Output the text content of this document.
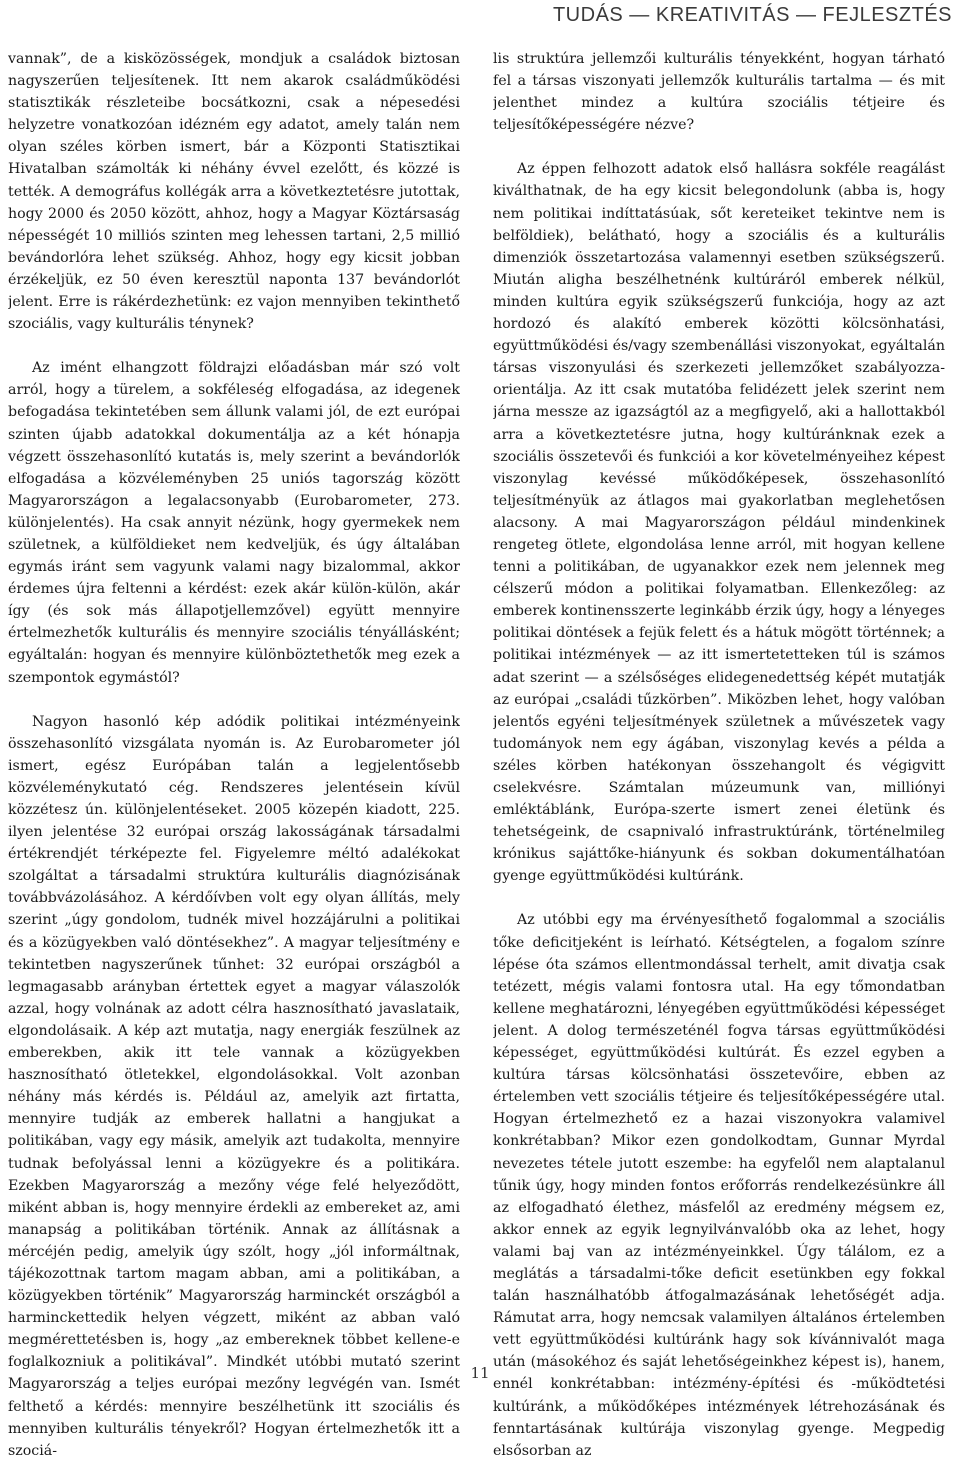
TUDÁS — KREATIVITÁS — FEJLESZTÉS

vannak”, de a kisközösségek, mondjuk a családok biztosan nagyszerűen teljesítenek. Itt nem akarok családműködési statisztikák részleteibe bocsátkozni, csak a népesedési helyzetre vonatkozóan idézném egy adatot, amely talán nem olyan széles körben ismert, bár a Központi Statisztikai Hivatalban számolták ki néhány évvel ezelőtt, és közzé is tették. A demográfus kollégák arra a következtetésre jutottak, hogy 2000 és 2050 között, ahhoz, hogy a Magyar Köztársaság népességét 10 milliós szinten meg lehessen tartani, 2,5 millió bevándorlóra lehet szükség. Ahhoz, hogy egy kicsit jobban érzékeljük, ez 50 éven keresztül naponta 137 bevándorlót jelent. Erre is rákérdezhetünk: ez vajon mennyiben tekinthető szociális, vagy kulturális ténynek?

Az imént elhangzott földrajzi előadásban már szó volt arról, hogy a türelem, a sokféleség elfogadása, az idegenek befogadása tekintetében sem állunk valami jól, de ezt európai szinten újabb adatokkal dokumentálja az a két hónapja végzett összehasonlító kutatás is, mely szerint a bevándorlók elfogadása a közvéleményben 25 uniós tagország között Magyarországon a legalacsonyabb (Eurobarometer, 273. különjelentés). Ha csak annyit nézünk, hogy gyermekek nem születnek, a külföldieket nem kedveljük, és úgy általában egymás iránt sem vagyunk valami nagy bizalommal, akkor érdemes újra feltenni a kérdést: ezek akár külön-külön, akár így (és sok más állapotjellemzővel) együtt mennyire értelmezhetők kulturális és mennyire szociális tényállásként; egyáltalán: hogyan és mennyire különböztethetők meg ezek a szempontok egymástól?

Nagyon hasonló kép adódik politikai intézményeink összehasonlító vizsgálata nyomán is. Az Eurobarometer jól ismert, egész Európában talán a legjelentősebb közvéleménykutató cég. Rendszeres jelentésein kívül közzétesz ún. különjelentéseket. 2005 közepén kiadott, 225. ilyen jelentése 32 európai ország lakosságának társadalmi értékrendjét térképezte fel. Figyelemre méltó adalékokat szolgáltat a társadalmi struktúra kulturális diagnózisának továbbvázolásához. A kérdőívben volt egy olyan állítás, mely szerint „úgy gondolom, tudnék mivel hozzájárulni a politikai és a közügyekben való döntésekhez”. A magyar teljesítmény e tekintetben nagyszerűnek tűnhet: 32 európai országból a legmagasabb arányban értettek egyet a magyar válaszolók azzal, hogy volnának az adott célra hasznosítható javaslataik, elgondolásaik. A kép azt mutatja, nagy energiák feszülnek az emberekben, akik itt tele vannak a közügyekben hasznosítható ötletekkel, elgondolásokkal. Volt azonban néhány más kérdés is. Például az, amelyik azt firtatta, mennyire tudják az emberek hallatni a hangjukat a politikában, vagy egy másik, amelyik azt tudakolta, mennyire tudnak befolyással lenni a közügyekre és a politikára. Ezekben Magyarország a mezőny vége felé helyeződött, miként abban is, hogy mennyire érdekli az embereket az, ami manapság a politikában történik. Annak az állításnak a mércéjén pedig, amelyik úgy szólt, hogy „jól informáltnak, tájékozottnak tartom magam abban, ami a politikában, a közügyekben történik” Magyarország harminckét országból a harminckettedik helyen végzett, miként az abban való megmérettetésben is, hogy „az embereknek többet kellene-e foglalkozniuk a politikával”. Mindkét utóbbi mutató szerint Magyarország a teljes európai mezőny legvégén van. Ismét felthető a kérdés: mennyire beszélhetünk itt szociális és mennyiben kulturális tényekről? Hogyan értelmezhetők itt a szociá-

lis struktúra jellemzői kulturális tényekként, hogyan tárható fel a társas viszonyati jellemzők kulturális tartalma — és mit jelenthet mindez a kultúra szociális tétjeire és teljesítőképességére nézve?

Az éppen felhozott adatok első hallásra sokféle reagálást kiválthatnak, de ha egy kicsit belegondolunk (abba is, hogy nem politikai indíttatásúak, sőt kereteiket tekintve nem is belföldiek), belátható, hogy a szociális és a kulturális dimenziók összetartozása valamennyi esetben szükségszerű. Miután aligha beszélhetnénk kultúráról emberek nélkül, minden kultúra egyik szükségszerű funkciója, hogy az azt hordozó és alakító emberek közötti kölcsönhatási, együttműködési és/vagy szembenállási viszonyokat, egyáltalán társas viszonyulási és szerkezeti jellemzőket szabályozza-orientálja. Az itt csak mutatóba felidézett jelek szerint nem járna messze az igazságtól az a megfigyelő, aki a hallottakból arra a következtetésre jutna, hogy kultúránknak ezek a szociális összetevői és funkciói a kor követelményeihez képest viszonylag kevéssé működőképesek, összehasonlító teljesítményük az átlagos mai gyakorlatban meglehetősen alacsony. A mai Magyarországon például mindenkinek rengeteg ötlete, elgondolása lenne arról, mit hogyan kellene tenni a politikában, de ugyanakkor ezek nem jelennek meg célszerű módon a politikai folyamatban. Ellenkezőleg: az emberek kontinensszerte leginkább érzik úgy, hogy a lényeges politikai döntések a fejük felett és a hátuk mögött történnek; a politikai intézmények — az itt ismertetetteken túl is számos adat szerint — a szélsőséges elidegenedettség képét mutatják az európai „családi tűzkörben”. Miközben lehet, hogy valóban jelentős egyéni teljesítmények születnek a művészetek vagy tudományok nem egy ágában, viszonylag kevés a példa a széles körben hatékonyan összehangolt és végigvitt cselekvésre. Számtalan múzeumunk van, milliónyi emléktáblánk, Európa-szerte ismert zenei életünk és tehetségeink, de csapnivaló infrastruktúránk, történelmileg krónikus sajáttőke-hiányunk és sokban dokumentálhatóan gyenge együttműködési kultúránk.

Az utóbbi egy ma érvényesíthető fogalommal a szociális tőke deficitjeként is leírható. Kétségtelen, a fogalom színre lépése óta számos ellentmondással terhelt, amit divatja csak tetézett, mégis valami fontosra utal. Ha egy tőmondatban kellene meghatározni, lényegében együttműködési képességet jelent. A dolog természeténél fogva társas együttműködési képességet, együttműködési kultúrát. És ezzel egyben a kultúra társas kölcsönhatási összetevőire, ebben az értelemben vett szociális tétjeire és teljesítőképességére utal. Hogyan értelmezhető ez a hazai viszonyokra valamivel konkrétabban? Mikor ezen gondolkodtam, Gunnar Myrdal nevezetes tétele jutott eszembe: ha egyfelől nem alaptalanul tűnik úgy, hogy minden fontos erőforrás rendelkezésünkre áll az elfogadható élethez, másfelől az eredmény mégsem ez, akkor ennek az egyik legnyilvánvalóbb oka az lehet, hogy valami baj van az intézményeinkkel. Úgy tálálom, ez a meglátás a társadalmi-tőke deficit esetünkben egy fokkal talán használhatóbb átfogalmazásának lehetőségét adja. Rámutat arra, hogy nemcsak valamilyen általános értelemben vett együttműködési kultúránk hagy sok kívánnivalót maga után (másokéhoz és saját lehetőségeinkhez képest is), hanem, ennél konkrétabban: intézmény-építési és -működtetési kultúránk, a működőképes intézmények létrehozásának és fenntartásának kultúrája viszonylag gyenge. Megpedig elsősorban az

11
